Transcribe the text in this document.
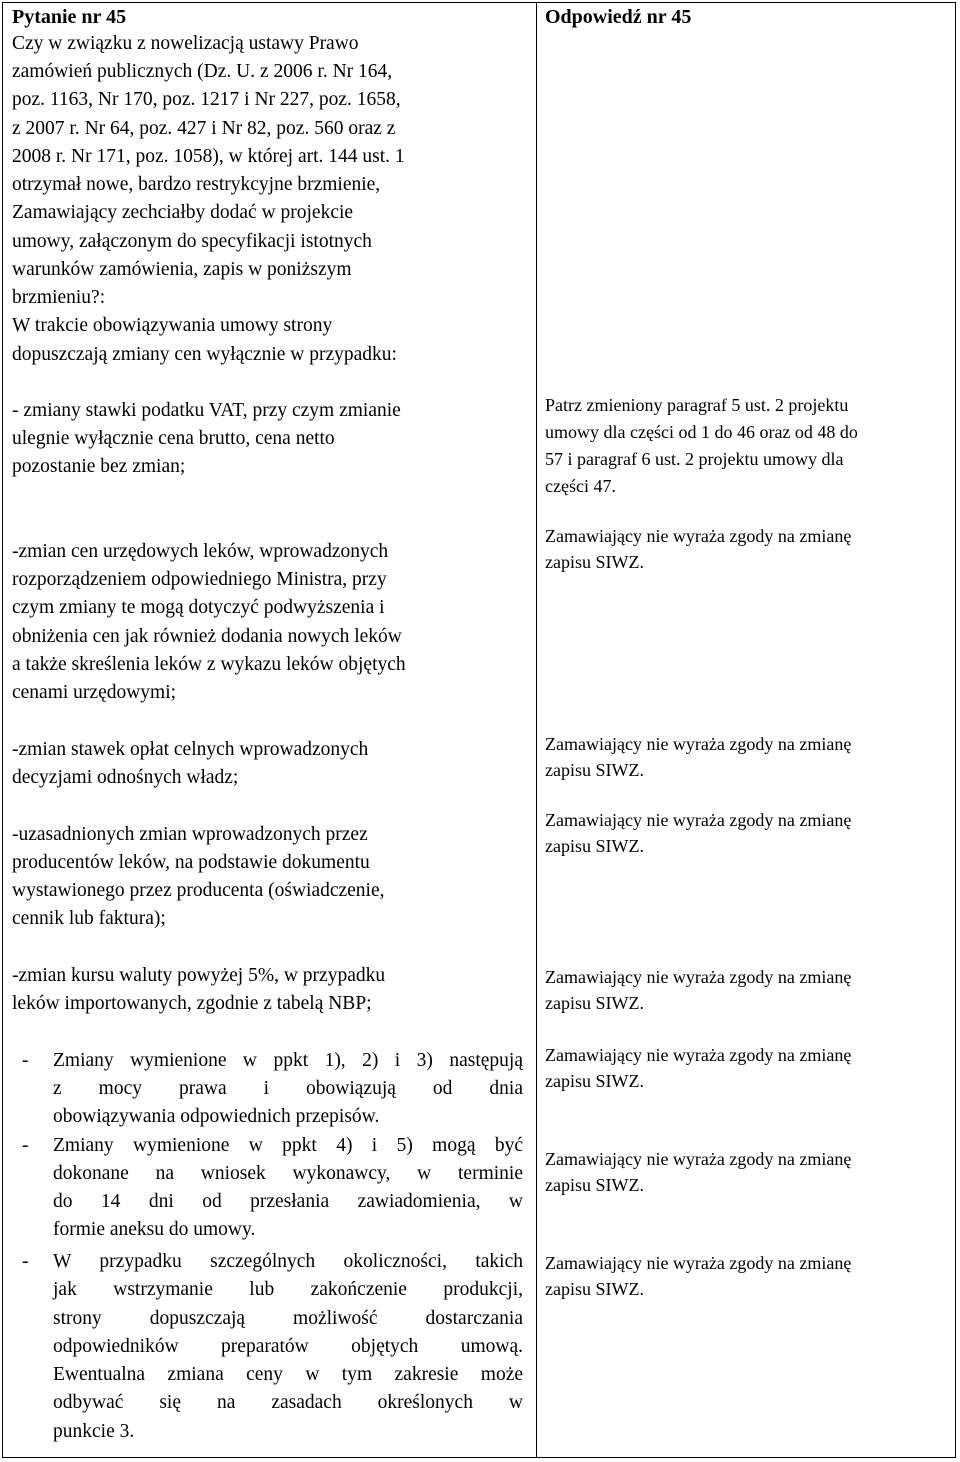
Pytanie nr 45
Czy w związku z nowelizacją ustawy Prawo
zamówień publicznych (Dz. U. z 2006 r. Nr 164,
poz. 1163, Nr 170, poz. 1217 i Nr 227, poz. 1658,
z 2007 r. Nr 64, poz. 427 i Nr 82, poz. 560 oraz z
2008 r. Nr 171, poz. 1058), w której art. 144 ust. 1
otrzymał nowe, bardzo restrykcyjne brzmienie,
Zamawiający zechciałby dodać w projekcie
umowy, załączonym do specyfikacji istotnych
warunków zamówienia, zapis w poniższym
brzmieniu?:
W trakcie obowiązywania umowy strony
dopuszczają zmiany cen wyłącznie w przypadku:
- zmiany stawki podatku VAT, przy czym zmianie
ulegnie wyłącznie cena brutto, cena netto
pozostanie bez zmian;
-zmian cen urzędowych leków, wprowadzonych
rozporządzeniem odpowiedniego Ministra, przy
czym zmiany te mogą dotyczyć podwyższenia i
obniżenia cen jak również dodania nowych leków
a także skreślenia leków z wykazu leków objętych
cenami urzędowymi;
-zmian stawek opłat celnych wprowadzonych
decyzjami odnośnych władz;
-uzasadnionych zmian wprowadzonych przez
producentów leków, na podstawie dokumentu
wystawionego przez producenta (oświadczenie,
cennik lub faktura);
-zmian kursu waluty powyżej 5%, w przypadku
leków importowanych, zgodnie z tabelą NBP;
- Zmiany wymienione w ppkt 1), 2) i 3) następują
z mocy prawa i obowiązują od dnia
obowiązywania odpowiednich przepisów.
- Zmiany wymienione w ppkt 4) i 5) mogą być
dokonane na wniosek wykonawcy, w terminie
do 14 dni od przesłania zawiadomienia, w
formie aneksu do umowy.
- W przypadku szczególnych okoliczności, takich
jak wstrzymanie lub zakończenie produkcji,
strony dopuszczają możliwość dostarczania
odpowiedników preparatów objętych umową.
Ewentualna zmiana ceny w tym zakresie może
odbywać się na zasadach określonych w
punkcie 3.
Odpowiedź nr 45
Patrz zmieniony paragraf 5 ust. 2 projektu
umowy dla części od 1 do 46 oraz od 48 do
57 i paragraf 6 ust. 2 projektu umowy dla
części 47.
Zamawiający nie wyraża zgody na zmianę
zapisu SIWZ.
Zamawiający nie wyraża zgody na zmianę
zapisu SIWZ.
Zamawiający nie wyraża zgody na zmianę
zapisu SIWZ.
Zamawiający nie wyraża zgody na zmianę
zapisu SIWZ.
Zamawiający nie wyraża zgody na zmianę
zapisu SIWZ.
Zamawiający nie wyraża zgody na zmianę
zapisu SIWZ.
Zamawiający nie wyraża zgody na zmianę
zapisu SIWZ.
